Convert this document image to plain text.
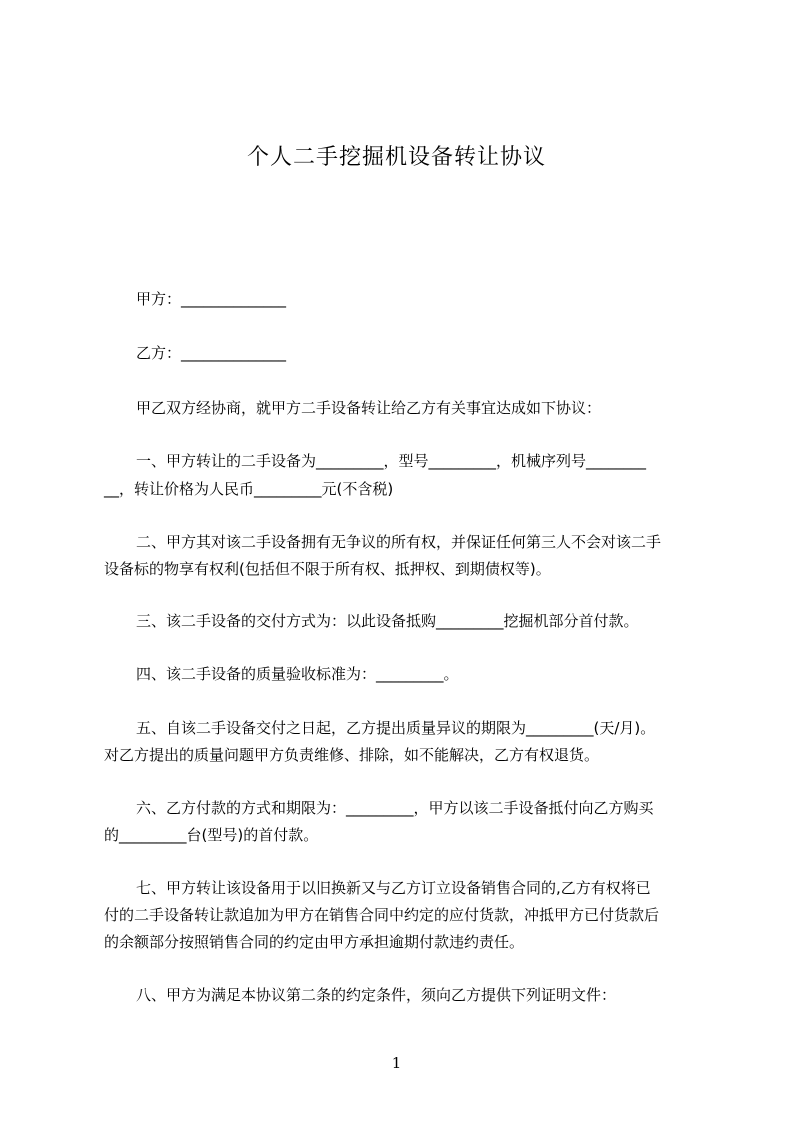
个人二手挖掘机设备转让协议
甲方：______________
乙方：______________
甲乙双方经协商，就甲方二手设备转让给乙方有关事宜达成如下协议：
一、甲方转让的二手设备为_________，型号_________，机械序列号________
__，转让价格为人民币_________元(不含税)
二、甲方其对该二手设备拥有无争议的所有权，并保证任何第三人不会对该二手
设备标的物享有权利(包括但不限于所有权、抵押权、到期债权等)。
三、该二手设备的交付方式为：以此设备抵购_________挖掘机部分首付款。
四、该二手设备的质量验收标准为：_________。
五、自该二手设备交付之日起，乙方提出质量异议的期限为_________(天/月)。
对乙方提出的质量问题甲方负责维修、排除，如不能解决，乙方有权退货。
六、乙方付款的方式和期限为：_________，甲方以该二手设备抵付向乙方购买
的_________台(型号)的首付款。
七、甲方转让该设备用于以旧换新又与乙方订立设备销售合同的,乙方有权将已
付的二手设备转让款追加为甲方在销售合同中约定的应付货款，冲抵甲方已付货款后
的余额部分按照销售合同的约定由甲方承担逾期付款违约责任。
八、甲方为满足本协议第二条的约定条件，须向乙方提供下列证明文件：
1
